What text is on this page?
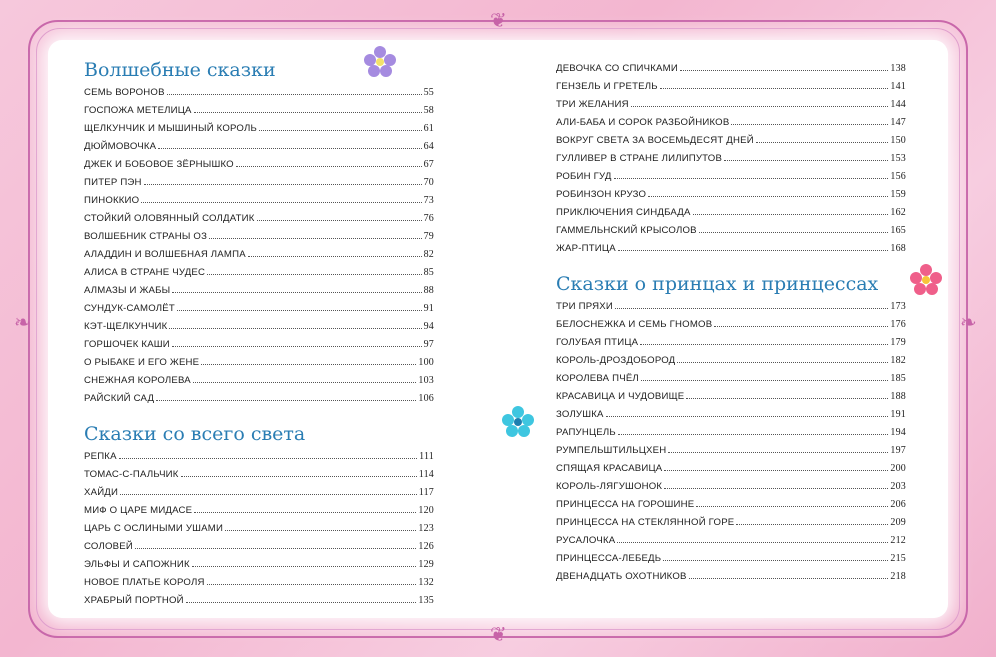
Волшебные сказки
СЕМЬ ВОРОНОВ	55
ГОСПОЖА МЕТЕЛИЦА	58
ЩЕЛКУНЧИК И МЫШИНЫЙ КОРОЛЬ	61
ДЮЙМОВОЧКА	64
ДЖЕК И БОБОВОЕ ЗЁРНЫШКО	67
ПИТЕР ПЭН	70
ПИНОККИО	73
СТОЙКИЙ ОЛОВЯННЫЙ СОЛДАТИК	76
ВОЛШЕБНИК СТРАНЫ ОЗ	79
АЛАДДИН И ВОЛШЕБНАЯ ЛАМПА	82
АЛИСА В СТРАНЕ ЧУДЕС	85
АЛМАЗЫ И ЖАБЫ	88
СУНДУК-САМОЛЁТ	91
КЭТ-ЩЕЛКУНЧИК	94
ГОРШОЧЕК КАШИ	97
О РЫБАКЕ И ЕГО ЖЕНЕ	100
СНЕЖНАЯ КОРОЛЕВА	103
РАЙСКИЙ САД	106
Сказки со всего света
РЕПКА	111
ТОМАС-С-ПАЛЬЧИК	114
ХАЙДИ	117
МИФ О ЦАРЕ МИДАСЕ	120
ЦАРЬ С ОСЛИНЫМИ УШАМИ	123
СОЛОВЕЙ	126
ЭЛЬФЫ И САПОЖНИК	129
НОВОЕ ПЛАТЬЕ КОРОЛЯ	132
ХРАБРЫЙ ПОРТНОЙ	135
ДЕВОЧКА СО СПИЧКАМИ	138
ГЕНЗЕЛЬ И ГРЕТЕЛЬ	141
ТРИ ЖЕЛАНИЯ	144
АЛИ-БАБА И СОРОК РАЗБОЙНИКОВ	147
ВОКРУГ СВЕТА ЗА ВОСЕМЬДЕСЯТ ДНЕЙ	150
ГУЛЛИВЕР В СТРАНЕ ЛИЛИПУТОВ	153
РОБИН ГУД	156
РОБИНЗОН КРУЗО	159
ПРИКЛЮЧЕНИЯ СИНДБАДА	162
ГАММЕЛЬНСКИЙ КРЫСОЛОВ	165
ЖАР-ПТИЦА	168
Сказки о принцах и принцессах
ТРИ ПРЯХИ	173
БЕЛОСНЕЖКА И СЕМЬ ГНОМОВ	176
ГОЛУБАЯ ПТИЦА	179
КОРОЛЬ-ДРОЗДОБОРОД	182
КОРОЛЕВА ПЧЁЛ	185
КРАСАВИЦА И ЧУДОВИЩЕ	188
ЗОЛУШКА	191
РАПУНЦЕЛЬ	194
РУМПЕЛЬШТИЛЬЦХЕН	197
СПЯЩАЯ КРАСАВИЦА	200
КОРОЛЬ-ЛЯГУШОНОК	203
ПРИНЦЕССА НА ГОРОШИНЕ	206
ПРИНЦЕССА НА СТЕКЛЯННОЙ ГОРЕ	209
РУСАЛОЧКА	212
ПРИНЦЕССА-ЛЕБЕДЬ	215
ДВЕНАДЦАТЬ ОХОТНИКОВ	218
❦
❦
❧	❧
